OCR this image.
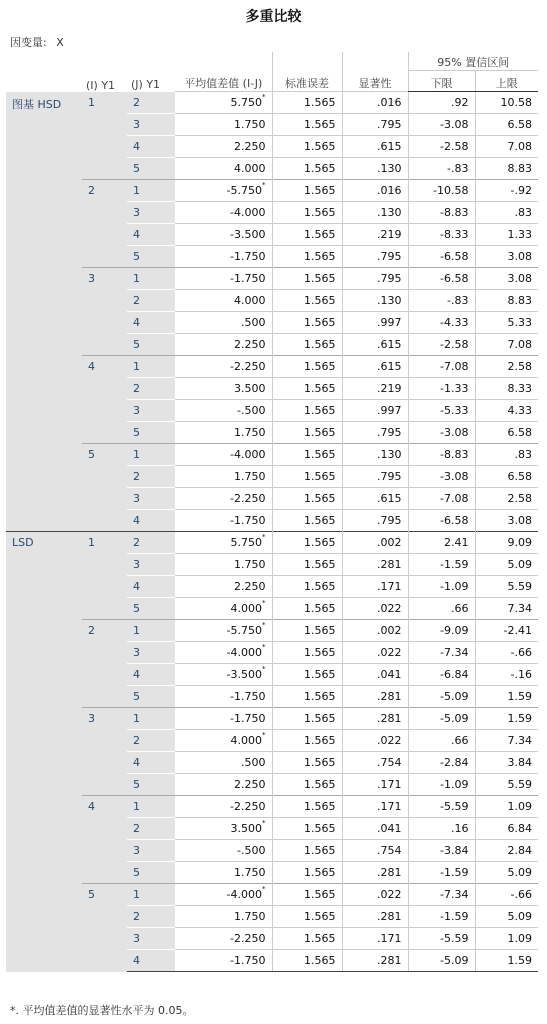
多重比较
因变量: X
	(I) Y1	(J) Y1	平均值差值 (I-J)	标准误差	显著性	95% 置信区间	
						下限	上限
图基 HSD	1	2	5.750*	1.565	.016	.92	10.58
		3	1.750	1.565	.795	-3.08	6.58
		4	2.250	1.565	.615	-2.58	7.08
		5	4.000	1.565	.130	-.83	8.83
	2	1	-5.750*	1.565	.016	-10.58	-.92
		3	-4.000	1.565	.130	-8.83	.83
		4	-3.500	1.565	.219	-8.33	1.33
		5	-1.750	1.565	.795	-6.58	3.08
	3	1	-1.750	1.565	.795	-6.58	3.08
		2	4.000	1.565	.130	-.83	8.83
		4	.500	1.565	.997	-4.33	5.33
		5	2.250	1.565	.615	-2.58	7.08
	4	1	-2.250	1.565	.615	-7.08	2.58
		2	3.500	1.565	.219	-1.33	8.33
		3	-.500	1.565	.997	-5.33	4.33
		5	1.750	1.565	.795	-3.08	6.58
	5	1	-4.000	1.565	.130	-8.83	.83
		2	1.750	1.565	.795	-3.08	6.58
		3	-2.250	1.565	.615	-7.08	2.58
		4	-1.750	1.565	.795	-6.58	3.08
LSD	1	2	5.750*	1.565	.002	2.41	9.09
		3	1.750	1.565	.281	-1.59	5.09
		4	2.250	1.565	.171	-1.09	5.59
		5	4.000*	1.565	.022	.66	7.34
	2	1	-5.750*	1.565	.002	-9.09	-2.41
		3	-4.000*	1.565	.022	-7.34	-.66
		4	-3.500*	1.565	.041	-6.84	-.16
		5	-1.750	1.565	.281	-5.09	1.59
	3	1	-1.750	1.565	.281	-5.09	1.59
		2	4.000*	1.565	.022	.66	7.34
		4	.500	1.565	.754	-2.84	3.84
		5	2.250	1.565	.171	-1.09	5.59
	4	1	-2.250	1.565	.171	-5.59	1.09
		2	3.500*	1.565	.041	.16	6.84
		3	-.500	1.565	.754	-3.84	2.84
		5	1.750	1.565	.281	-1.59	5.09
	5	1	-4.000*	1.565	.022	-7.34	-.66
		2	1.750	1.565	.281	-1.59	5.09
		3	-2.250	1.565	.171	-5.59	1.09
		4	-1.750	1.565	.281	-5.09	1.59
*. 平均值差值的显著性水平为 0.05。
